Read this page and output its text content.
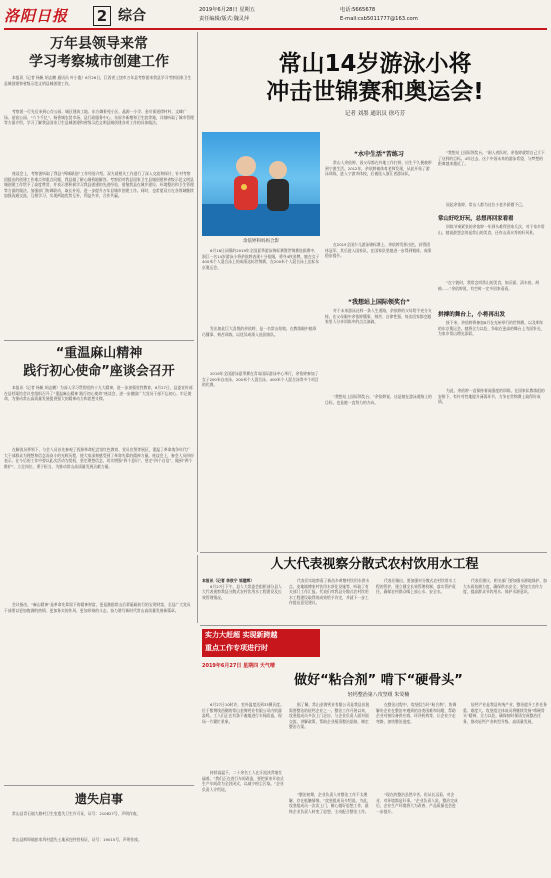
洛阳日报	2 综合	2019年6月28日 星期五
责任编辑/版式:魏灵萍
电话:5665678
E-mail:csb5011777@163.com
万年县领导来常
学习考察城市创建工作
本报讯（记者 杨帆 胡志鹏 通讯员 叶小俊）6月26日，江西省上饶市万年县考察团来我县学习考察国家卫生县城创建和省级示范文明县城创建工作。
考察团一行先后来到心存公园、城区建筑工地、东方御景苑小区、晶源一小学、金川街道徐村村、文峰广场、星宿公园、“六个千亿”、杨香城农贸市场、县行政服务中心、东屏乡新塘和卫生院等地，详细听取了城市管理等方面介绍，学习了解我县国家卫生县城创建和省级示范文明县城创建各项工作的具体做法。
座谈会上，考察团听取了我县“两城联创”工作经验介绍，双方就相关工作进行了深入交流和探讨，针对考察团提出的创建工作难点和重点问题，我县做了耐心细致地解答。考察团对我县国家卫生县城创建和省级示范文明县城创建工作给予了高度赞誉，并表示要积极学习我县创建的先进经验，借鉴我县在城乡建设、环境整治和卫生管理等方面的做法，加强部门协调联动，取长补短，进一步提升万年县城市创建工作。同时，也希望双方在各领域继续加强沟通交流，互相学习，实现两地优势互补，利益共享，合作共赢。
“重温麻山精神
践行初心使命”座谈会召开
本报讯（记者 杨帆 胡志鹏）为深入学习贯彻党的十九大精神，进一步加强党性教育，6月27日，县委宣传部在县档案馆会议室组织召开了“重温麻山精神 践行初心使命”座谈会，进一步激励广大党员干部不忘初心、牢记使命，为推动常山高质量发展提供强大的精神动力和思想支撑。
在解说员带领下，与会人员首先参观了西源革命纪念馆红色教育、党员宣誓等展区，重温了革命战争年代广大干部群众为理想和信念而奋斗的光辉历程，使大家深刻感受到了革命先辈的精神力量。座谈会上，参会人员纷纷表示，在今后的工作中要以此次活动为契机，坚定理想信念，切实增强“四个意识”，坚定“四个自信”，做到“两个维护”，立足岗位，勇于担当，为推动常山高质量发展贡献力量。
会议指出，“麻山精神”是革命先辈留下的精神财富，更是激励常山后辈砥砺前行的宝贵财富，全县广大党员干部要以更加饱满的热情、更加务实的作风、更加昂扬的斗志，奋力谱写新时代常山高质量发展新篇章。
遗失启事
常山县青石镇大路村卫生室遗失卫生许可证，证号：210827号，声明作废。
常山县辉埠镇彭家坞村遗失土地承包经营权证，证号：19015号，声明作废。
常山14岁游泳小将
冲击世锦赛和奥运会!
记者 刘墨 通讯员 徐巧芳
余依婷和妈妈合影
6月16日闭幕的2019年全国夏季游泳锦标赛暨世锦赛选拔赛中，浙江一名14岁游泳小将余依婷表现十分抢眼，勇夺4枚金牌，她在女子400米个人混合泳上的成绩达标世锦赛，在200米个人混合泳上达标东京奥运会。
发出如此巨大喜悦的余依婷，是一名常山姑娘。在教练眼中她乖巧懂事、刻苦训练，以优异成绩入选国家队。
2019年全国游泳夏季赛在青岛国际游泳中心举行，余依婷参加了女子200米自由泳、200米个人混合泳、400米个人混合泳等多个项目的比赛。
“水中生活”苦练习
常山人余依婷，因父母都在外地工作打拼，出生不久便被带到宁波生活。2012年，余依婷被体育老师发现，从此开始了游泳训练，进入宁波市体校，后被选入浙江省游泳队。
在2015全国少儿游泳锦标赛上，余依婷发挥出色，获得团体冠军，其后进入国家队，在国家队里她进一步得到锻炼，成绩稳步提升。
“我想站上国际领奖台”
对于未来游泳这样一条人生道路，余依婷的父母给予充分支持。在父母眼中余依婷懂事、刻苦、自律性强，每次回家都会跟家里人分享训练中的点点滴滴。
“我想站上国际领奖台。”余依婷说，这是她在游泳道路上的目标，也是她一直努力的方向。
“我想站上国际领奖台。”刚入省队时，余依婷就给自己立下了这样的目标。4年过去，这个中国未来的游泳希望，与梦想的距离越来越近了。
说起余依婷，常山人都为这位小老乡骄傲不已。
常山好吃好玩，总想再回家看看
训练节奏紧张的余依婷一年到头难得回家几次，对于家乡常山，她说最想念的是常山的美食，还有山清水秀的好风景。
“在宁波时，我常念叨常山的美食，如贡面、清水鱼、胡柚……”余依婷说，有空时一定多回家看看。
拼搏的舞台上，小将再出发
接下来，余依婷将参加8月在光州举行的世锦赛，以及明年的东京奥运会。她将全力以赴，争取在更高的舞台上为国争光，为家乡常山增光添彩。
为此，余依婷一直保持着高强度的训练，在国家队教练组的安排下，有针对性地提升薄弱环节，力争在世锦赛上取得好成绩。
人大代表视察分散式农村饮用水工程
本报讯（记者 李欣宁 邹建辉）
6月27日下午，县人大常委会组织部分县人大代表视察我县分散式农村饮用水工程建设及长效管理情况。
代表们实地察看了新昌乡黄塘村饮用水供水点、安地镇傅家村饮用水净化设施等，听取了有关部门工作汇报。代表们对我县分散式农村饮用水工程建设取得的成效给予肯定，并就下一步工作提出意见建议。
代表们指出，要加强对分散式农村饮用水工程的管护，建立健全长效管理机制，落实管护责任，确保农村群众喝上放心水、安全水。
代表们建议，相关部门要加强水源地保护，加大水质检测力度，确保供水安全；要加大宣传力度，提高群众节约用水、保护水源意识。
实力大赶超 实现新跨越
重点工作专项进行时
2019年6月27日 星期四 天气晴
做好“粘合剂” 啃下“硬骨头”
轻钙整治第八攻坚组 朱荧楠
6月27日10时许，室外温度达到33摄氏度。位于紫荆线西侧的常山金海钙业有限公司内机器轰鸣，工人们正在有条不紊地进行车间改造，现场一片繁忙景象。
持续高温下，二十余名工人在汗流浃背地忙碌着。“我们正在进行车间改造，要把原来开放式生产车间改为全封闭式，以减少粉尘污染。”企业负责人介绍说。
据了解，常山金海钙业有限公司是我县首批需要整治的轻钙企业之一。整治工作开展以来，攻坚组成员多次上门走访，与企业负责人面对面交流，讲解政策，帮助企业厘清整治思路，制定整治方案。
“整治初期，企业负责人对整治工作不太理解，存在抵触情绪。”攻坚组成员介绍说。为此，攻坚组成员一次次上门，耐心做好思想工作，最终企业负责人转变了思想，主动配合整治工作。
在整治过程中，攻坚组当好“粘合剂”，协调解决企业在整治中遇到的各类困难和问题，帮助企业对接设备供应商、环评机构等，让企业少走弯路，加快整治进度。
“现在的整治虽然辛苦，但从长远看，对企业、对环境都是好事。”企业负责人说，整治完成后，企业生产环境将大为改善，产品质量也会进一步提升。
轻钙产业是我县传统产业，整治提升工作任务重、难度大。攻坚组全体成员将继续发扬“啃硬骨头”精神，全力以赴，确保按时保质完成整治任务，推动轻钙产业转型升级、高质量发展。
